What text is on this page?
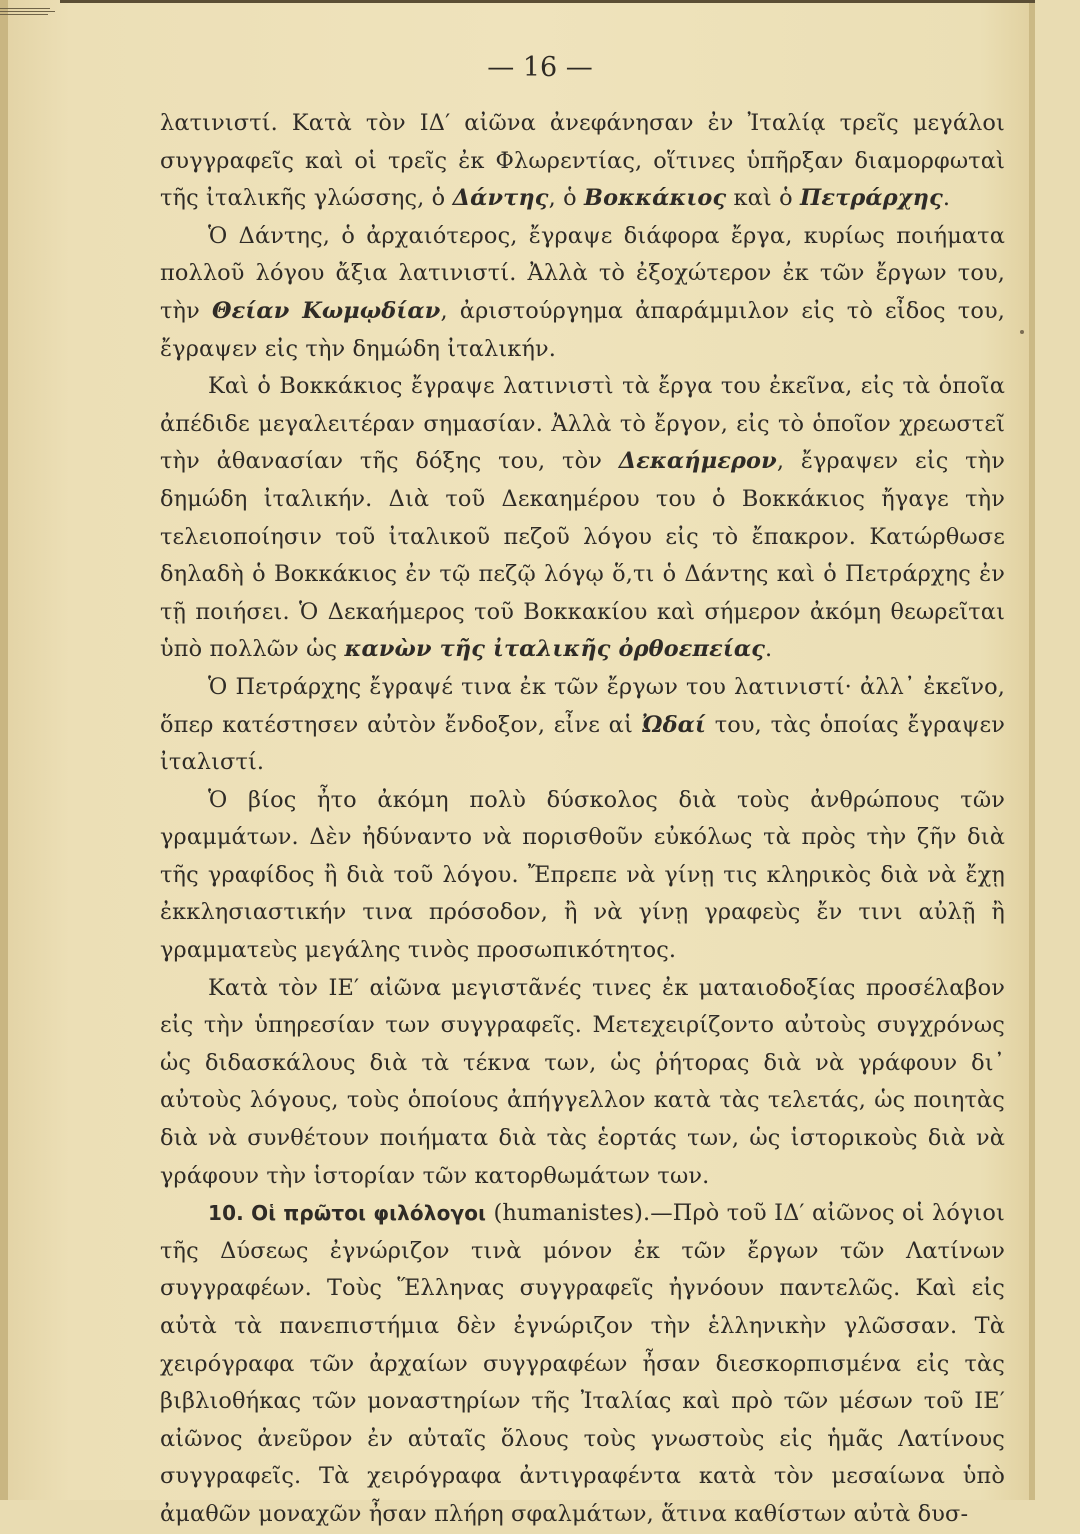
— 16 —

λατινιστί. Κατὰ τὸν ΙΔ′ αἰῶνα ἀνεφάνησαν ἐν Ἰταλίᾳ τρεῖς μεγάλοι συγγραφεῖς καὶ οἱ τρεῖς ἐκ Φλωρεντίας, οἵτινες ὑπῆρξαν διαμορφωταὶ τῆς ἰταλικῆς γλώσσης, ὁ Δάντης, ὁ Βοκκάκιος καὶ ὁ Πετράρχης.

Ὁ Δάντης, ὁ ἀρχαιότερος, ἔγραψε διάφορα ἔργα, κυρίως ποιήματα πολλοῦ λόγου ἄξια λατινιστί. Ἀλλὰ τὸ ἐξοχώτερον ἐκ τῶν ἔργων του, τὴν Θείαν Κωμῳδίαν, ἀριστούργημα ἀπαράμμιλον εἰς τὸ εἶδος του, ἔγραψεν εἰς τὴν δημώδη ἰταλικήν.

Καὶ ὁ Βοκκάκιος ἔγραψε λατινιστὶ τὰ ἔργα του ἐκεῖνα, εἰς τὰ ὁποῖα ἀπέδιδε μεγαλειτέραν σημασίαν. Ἀλλὰ τὸ ἔργον, εἰς τὸ ὁποῖον χρεωστεῖ τὴν ἀθανασίαν τῆς δόξης του, τὸν Δεκαήμερον, ἔγραψεν εἰς τὴν δημώδη ἰταλικήν. Διὰ τοῦ Δεκαημέρου του ὁ Βοκκάκιος ἤγαγε τὴν τελειοποίησιν τοῦ ἰταλικοῦ πεζοῦ λόγου εἰς τὸ ἔπακρον. Κατώρθωσε δηλαδὴ ὁ Βοκκάκιος ἐν τῷ πεζῷ λόγῳ ὅ,τι ὁ Δάντης καὶ ὁ Πετράρχης ἐν τῇ ποιήσει. Ὁ Δεκαήμερος τοῦ Βοκκακίου καὶ σήμερον ἀκόμη θεωρεῖται ὑπὸ πολλῶν ὡς κανὼν τῆς ἰταλικῆς ὀρθοεπείας.

Ὁ Πετράρχης ἔγραψέ τινα ἐκ τῶν ἔργων του λατινιστί· ἀλλ᾽ ἐκεῖνο, ὅπερ κατέστησεν αὐτὸν ἔνδοξον, εἶνε αἱ Ὠδαί του, τὰς ὁποίας ἔγραψεν ἰταλιστί.

Ὁ βίος ἦτο ἀκόμη πολὺ δύσκολος διὰ τοὺς ἀνθρώπους τῶν γραμμάτων. Δὲν ἠδύναντο νὰ πορισθοῦν εὐκόλως τὰ πρὸς τὴν ζῆν διὰ τῆς γραφίδος ἢ διὰ τοῦ λόγου. Ἔπρεπε νὰ γίνῃ τις κληρικὸς διὰ νὰ ἔχῃ ἐκκλησιαστικήν τινα πρόσοδον, ἢ νὰ γίνῃ γραφεὺς ἔν τινι αὐλῇ ἢ γραμματεὺς μεγάλης τινὸς προσωπικότητος.

Κατὰ τὸν ΙΕ′ αἰῶνα μεγιστᾶνές τινες ἐκ ματαιοδοξίας προσέλαβον εἰς τὴν ὑπηρεσίαν των συγγραφεῖς. Μετεχειρίζοντο αὐτοὺς συγχρόνως ὡς διδασκάλους διὰ τὰ τέκνα των, ὡς ῥήτορας διὰ νὰ γράφουν δι᾽ αὐτοὺς λόγους, τοὺς ὁποίους ἀπήγγελλον κατὰ τὰς τελετάς, ὡς ποιητὰς διὰ νὰ συνθέτουν ποιήματα διὰ τὰς ἑορτάς των, ὡς ἱστορικοὺς διὰ νὰ γράφουν τὴν ἱστορίαν τῶν κατορθωμάτων των.

10. Οἱ πρῶτοι φιλόλογοι (humanistes).—Πρὸ τοῦ ΙΔ′ αἰῶνος οἱ λόγιοι τῆς Δύσεως ἐγνώριζον τινὰ μόνον ἐκ τῶν ἔργων τῶν Λατίνων συγγραφέων. Τοὺς Ἕλληνας συγγραφεῖς ἠγνόουν παντελῶς. Καὶ εἰς αὐτὰ τὰ πανεπιστήμια δὲν ἐγνώριζον τὴν ἑλληνικὴν γλῶσσαν. Τὰ χειρόγραφα τῶν ἀρχαίων συγγραφέων ἦσαν διεσκορπισμένα εἰς τὰς βιβλιοθήκας τῶν μοναστηρίων τῆς Ἰταλίας καὶ πρὸ τῶν μέσων τοῦ ΙΕ′ αἰῶνος ἀνεῦρον ἐν αὐταῖς ὅλους τοὺς γνωστοὺς εἰς ἡμᾶς Λατίνους συγγραφεῖς. Τὰ χειρόγραφα ἀντιγραφέντα κατὰ τὸν μεσαίωνα ὑπὸ ἀμαθῶν μοναχῶν ἦσαν πλήρη σφαλμάτων, ἅτινα καθίστων αὐτὰ δυσ-
